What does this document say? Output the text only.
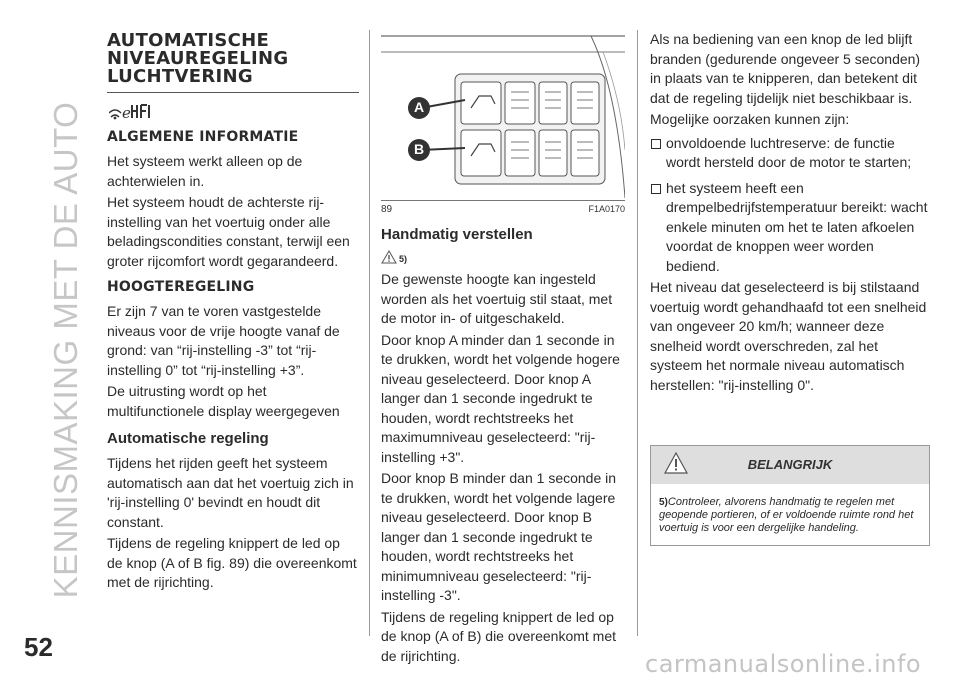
KENNISMAKING MET DE AUTO
AUTOMATISCHE NIVEAUREGELING LUCHTVERING
e
ALGEMENE INFORMATIE

Het systeem werkt alleen op de achterwielen in.

Het systeem houdt de achterste rij-instelling van het voertuig onder alle beladingscondities constant, terwijl een groter rijcomfort wordt gegarandeerd.

HOOGTEREGELING

Er zijn 7 van te voren vastgestelde niveaus voor de vrije hoogte vanaf de grond: van “rij-instelling -3” tot “rij-instelling 0” tot “rij-instelling +3”.

De uitrusting wordt op het multifunctionele display weergegeven

Automatische regeling

Tijdens het rijden geeft het systeem automatisch aan dat het voertuig zich in 'rij-instelling 0' bevindt en houdt dit constant.

Tijdens de regeling knippert de led op de knop (A of B fig. 89) die overeenkomt met de rijrichting.

A
B
89	F1A0170
Handmatig verstellen
5)

De gewenste hoogte kan ingesteld worden als het voertuig stil staat, met de motor in- of uitgeschakeld.

Door knop A minder dan 1 seconde in te drukken, wordt het volgende hogere niveau geselecteerd. Door knop A langer dan 1 seconde ingedrukt te houden, wordt rechtstreeks het maximumniveau geselecteerd: "rij-instelling +3".

Door knop B minder dan 1 seconde in te drukken, wordt het volgende lagere niveau geselecteerd. Door knop B langer dan 1 seconde ingedrukt te houden, wordt rechtstreeks het minimumniveau geselecteerd: "rij-instelling -3".

Tijdens de regeling knippert de led op de knop (A of B) die overeenkomt met de rijrichting.

Als na bediening van een knop de led blijft branden (gedurende ongeveer 5 seconden) in plaats van te knipperen, dan betekent dit dat de regeling tijdelijk niet beschikbaar is.

Mogelijke oorzaken kunnen zijn:

onvoldoende luchtreserve: de functie wordt hersteld door de motor te starten;
het systeem heeft een drempelbedrijfstemperatuur bereikt: wacht enkele minuten om het te laten afkoelen voordat de knoppen weer worden bediend.

Het niveau dat geselecteerd is bij stilstaand voertuig wordt gehandhaafd tot een snelheid van ongeveer 20 km/h; wanneer deze snelheid wordt overschreden, zal het systeem het normale niveau automatisch herstellen: "rij-instelling 0".

BELANGRIJK
5)Controleer, alvorens handmatig te regelen met geopende portieren, of er voldoende ruimte rond het voertuig is voor een dergelijke handeling.
52
carmanualsonline.info
